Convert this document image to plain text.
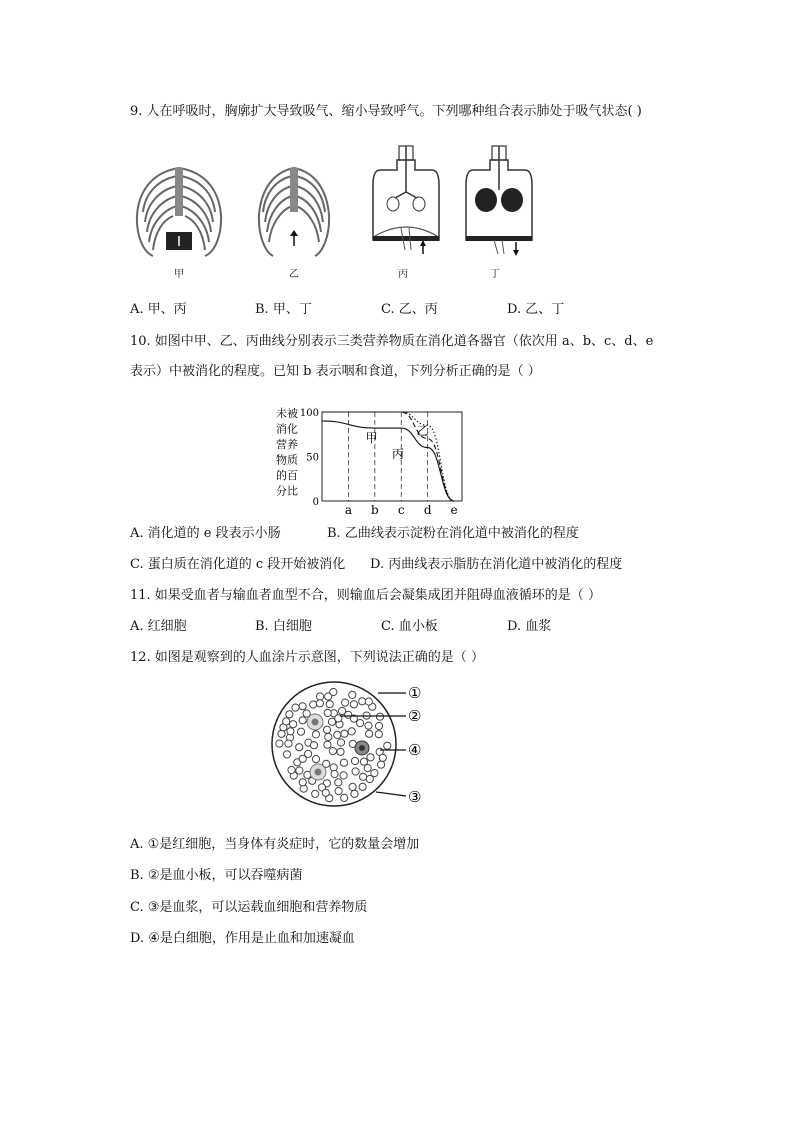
9. 人在呼吸时，胸廓扩大导致吸气、缩小导致呼气。下列哪种组合表示肺处于吸气状态( )
甲	乙	丙	丁
A. 甲、丙	B. 甲、丁	C. 乙、丙	D. 乙、丁
10. 如图中甲、乙、丙曲线分别表示三类营养物质在消化道各器官（依次用 a、b、c、d、e
表示）中被消化的程度。已知 b 表示咽和食道，下列分析正确的是（ ）
未被
消化
营养
物质
的百
分比
100
50
0
a b c d e
甲	乙
丙
A. 消化道的 e 段表示小肠	B. 乙曲线表示淀粉在消化道中被消化的程度
C. 蛋白质在消化道的 c 段开始被消化 D. 丙曲线表示脂肪在消化道中被消化的程度
11. 如果受血者与输血者血型不合，则输血后会凝集成团并阻碍血液循环的是（ ）
A. 红细胞	B. 白细胞	C. 血小板	D. 血浆
12. 如图是观察到的人血涂片示意图，下列说法正确的是（ ）
①
②
④
③
A. ①是红细胞，当身体有炎症时，它的数量会增加
B. ②是血小板，可以吞噬病菌
C. ③是血浆，可以运载血细胞和营养物质
D. ④是白细胞，作用是止血和加速凝血
